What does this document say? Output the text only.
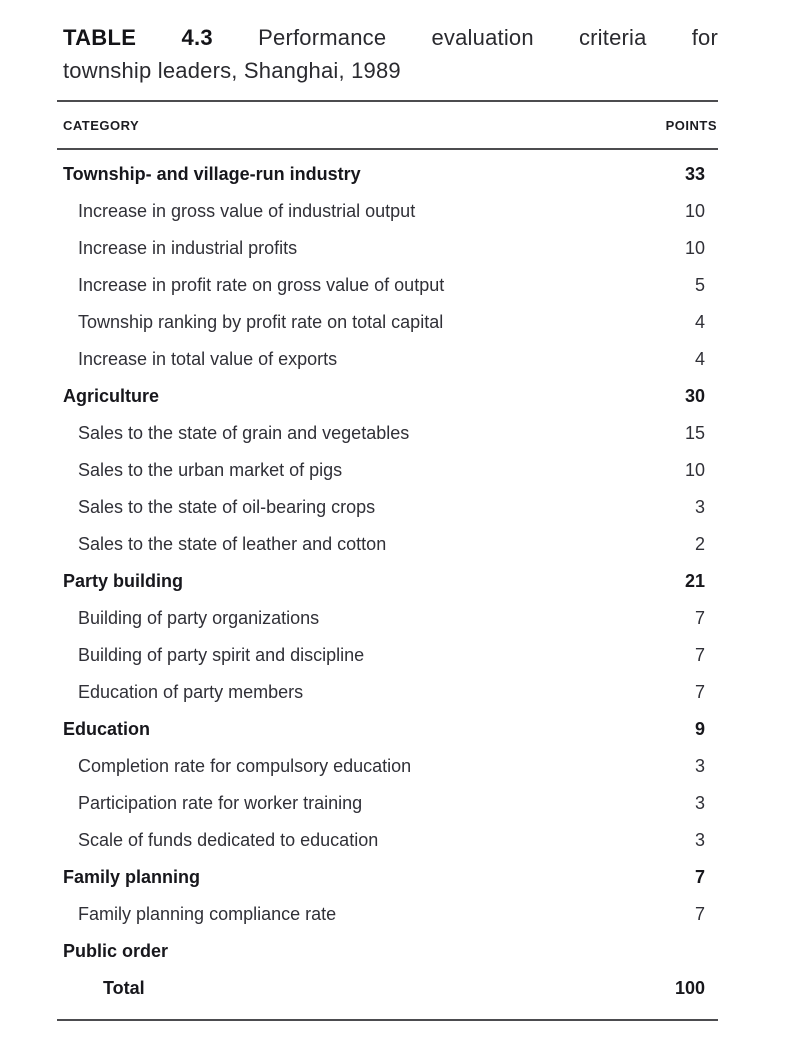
TABLE 4.3 Performance evaluation criteria for
township leaders, Shanghai, 1989
CATEGORY	POINTS
Township- and village-run industry	33
Increase in gross value of industrial output	10
Increase in industrial profits	10
Increase in profit rate on gross value of output	5
Township ranking by profit rate on total capital	4
Increase in total value of exports	4
Agriculture	30
Sales to the state of grain and vegetables	15
Sales to the urban market of pigs	10
Sales to the state of oil-bearing crops	3
Sales to the state of leather and cotton	2
Party building	21
Building of party organizations	7
Building of party spirit and discipline	7
Education of party members	7
Education	9
Completion rate for compulsory education	3
Participation rate for worker training	3
Scale of funds dedicated to education	3
Family planning	7
Family planning compliance rate	7
Public order
Total	100
